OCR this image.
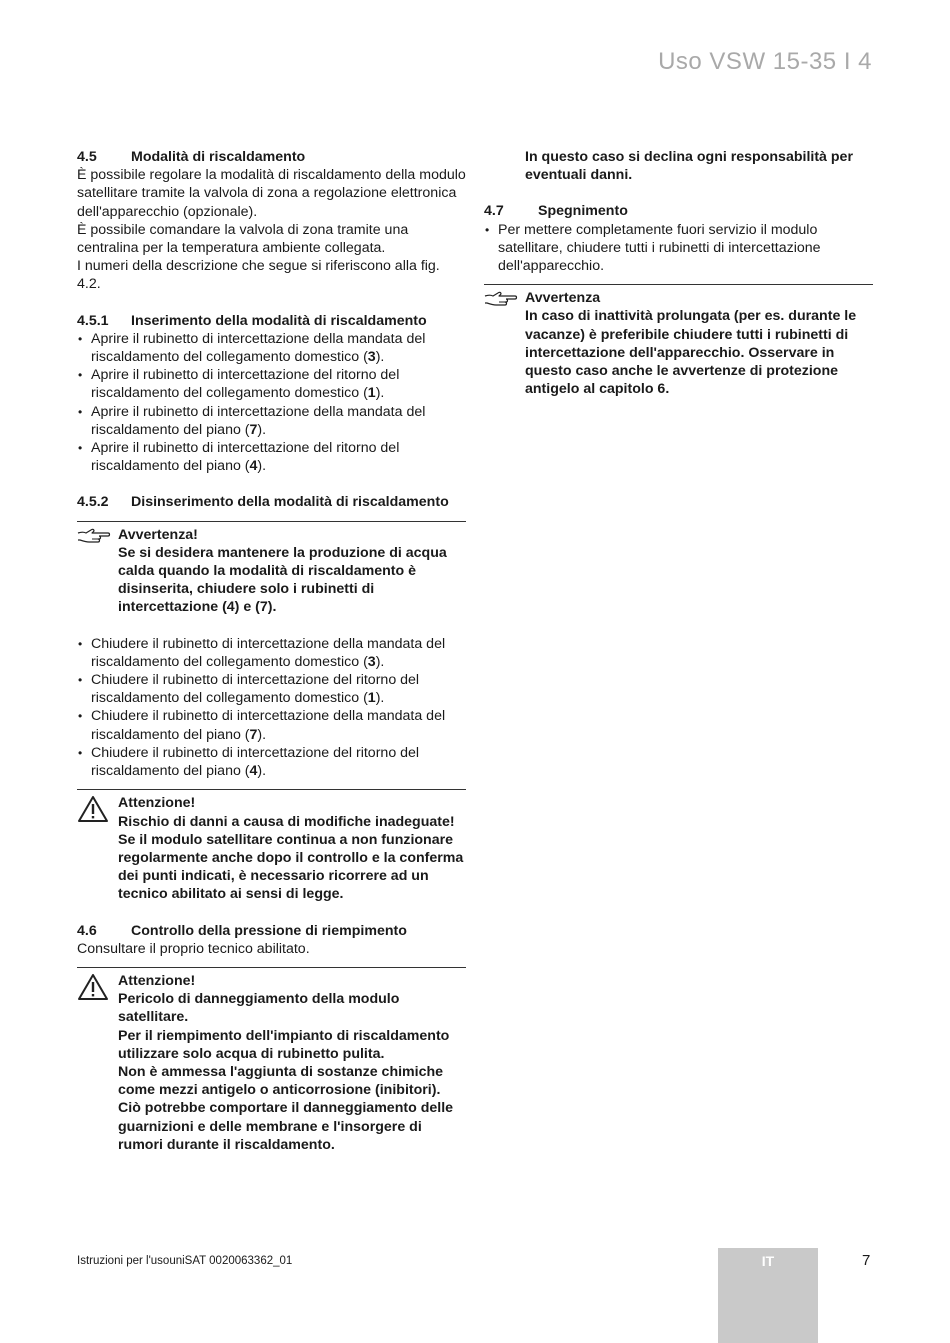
Uso VSW 15-35 I 4
4.5	Modalità di riscaldamento

È possibile regolare la modalità di riscaldamento della modulo satellitare tramite la valvola di zona a regolazione elettronica dell'apparecchio (opzionale).

È possibile comandare la valvola di zona tramite una centralina per la temperatura ambiente collegata.

I numeri della descrizione che segue si riferiscono alla fig. 4.2.

4.5.1	Inserimento della modalità di riscaldamento
• Aprire il rubinetto di intercettazione della mandata del riscaldamento del collegamento domestico (3).
• Aprire il rubinetto di intercettazione del ritorno del riscaldamento del collegamento domestico (1).
• Aprire il rubinetto di intercettazione della mandata del riscaldamento del piano (7).
• Aprire il rubinetto di intercettazione del ritorno del riscaldamento del piano (4).
4.5.2	Disinserimento della modalità di riscaldamento

Avvertenza!

Se si desidera mantenere la produzione di acqua calda quando la modalità di riscaldamento è disinserita, chiudere solo i rubinetti di intercettazione (4) e (7).

• Chiudere il rubinetto di intercettazione della mandata del riscaldamento del collegamento domestico (3).
• Chiudere il rubinetto di intercettazione del ritorno del riscaldamento del collegamento domestico (1).
• Chiudere il rubinetto di intercettazione della mandata del riscaldamento del piano (7).
• Chiudere il rubinetto di intercettazione del ritorno del riscaldamento del piano (4).

Attenzione!

Rischio di danni a causa di modifiche inadeguate!

Se il modulo satellitare continua a non funzionare regolarmente anche dopo il controllo e la conferma dei punti indicati, è necessario ricorrere ad un tecnico abilitato ai sensi di legge.

4.6	Controllo della pressione di riempimento

Consultare il proprio tecnico abilitato.

Attenzione!

Pericolo di danneggiamento della modulo satellitare.

Per il riempimento dell'impianto di riscaldamento utilizzare solo acqua di rubinetto pulita.

Non è ammessa l'aggiunta di sostanze chimiche come mezzi antigelo o anticorrosione (inibitori).

Ciò potrebbe comportare il danneggiamento delle guarnizioni e delle membrane e l'insorgere di rumori durante il riscaldamento.

In questo caso si declina ogni responsabilità per eventuali danni.

4.7	Spegnimento
• Per mettere completamente fuori servizio il modulo satellitare, chiudere tutti i rubinetti di intercettazione dell'apparecchio.

Avvertenza

In caso di inattività prolungata (per es. durante le vacanze) è preferibile chiudere tutti i rubinetti di intercettazione dell'apparecchio. Osservare in questo caso anche le avvertenze di protezione antigelo al capitolo 6.

Istruzioni per l'usouniSAT 0020063362_01	IT	7
